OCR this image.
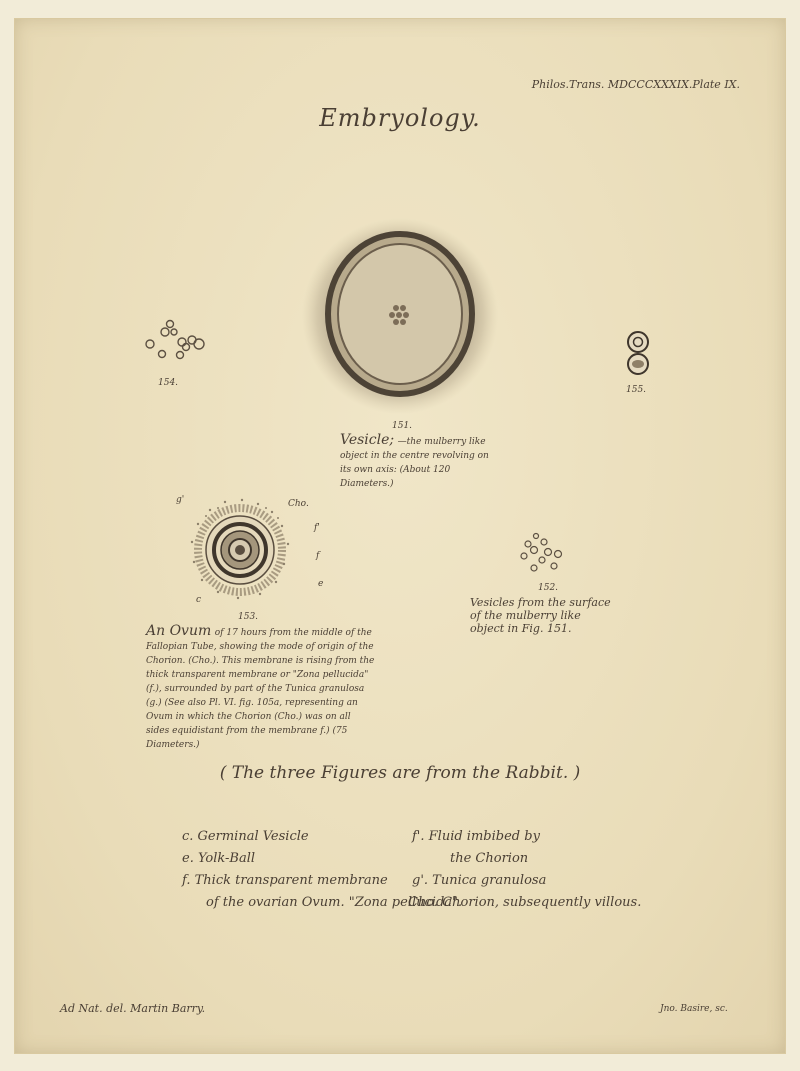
Philos.Trans. MDCCCXXXIX.Plate IX.
Embryology.
151.
Vesicle; —the mulberry like object in the centre revolving on its own axis: (About 120 Diameters.)
154.
155.
g'	Cho.
f'
f
e
c
153.
An Ovum of 17 hours from the middle of the Fallopian Tube, showing the mode of origin of the Chorion. (Cho.). This membrane is rising from the thick transparent membrane or "Zona pellucida" (f.), surrounded by part of the Tunica granulosa (g.) (See also Pl. VI. fig. 105a, representing an Ovum in which the Chorion (Cho.) was on all sides equidistant from the membrane f.) (75 Diameters.)
152.
Vesicles from the surface of the mulberry like object in Fig. 151.
( The three Figures are from the Rabbit. )
c. Germinal Vesicle
e. Yolk-Ball
f. Thick transparent membrane
of the ovarian Ovum. "Zona pellucida".
f'. Fluid imbibed by
the Chorion
g'. Tunica granulosa
Cho. Chorion, subsequently villous.
Ad Nat. del. Martin Barry.	Jno. Basire, sc.
